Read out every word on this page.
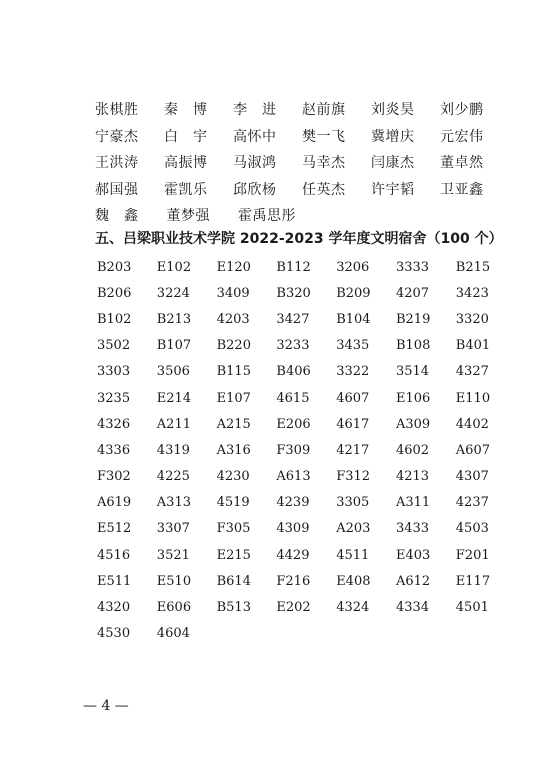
张棋胜	秦　博	李　进	赵前旗	刘炎昊	刘少鹏
宁豪杰	白　宇	高怀中	樊一飞	冀增庆	元宏伟
王洪涛	高振博	马淑鸿	马幸杰	闫康杰	董卓然
郝国强	霍凯乐	邱欣杨	任英杰	许宇韬	卫亚鑫
魏　鑫 董梦强 霍禹思彤
五、吕梁职业技术学院 2022-2023 学年度文明宿舍（100 个）
B203	E102	E120	B112	3206	3333	B215
B206	3224	3409	B320	B209	4207	3423
B102	B213	4203	3427	B104	B219	3320
3502	B107	B220	3233	3435	B108	B401
3303	3506	B115	B406	3322	3514	4327
3235	E214	E107	4615	4607	E106	E110
4326	A211	A215	E206	4617	A309	4402
4336	4319	A316	F309	4217	4602	A607
F302	4225	4230	A613	F312	4213	4307
A619	A313	4519	4239	3305	A311	4237
E512	3307	F305	4309	A203	3433	4503
4516	3521	E215	4429	4511	E403	F201
E511	E510	B614	F216	E408	A612	E117
4320	E606	B513	E202	4324	4334	4501
4530	4604
— 4 —
